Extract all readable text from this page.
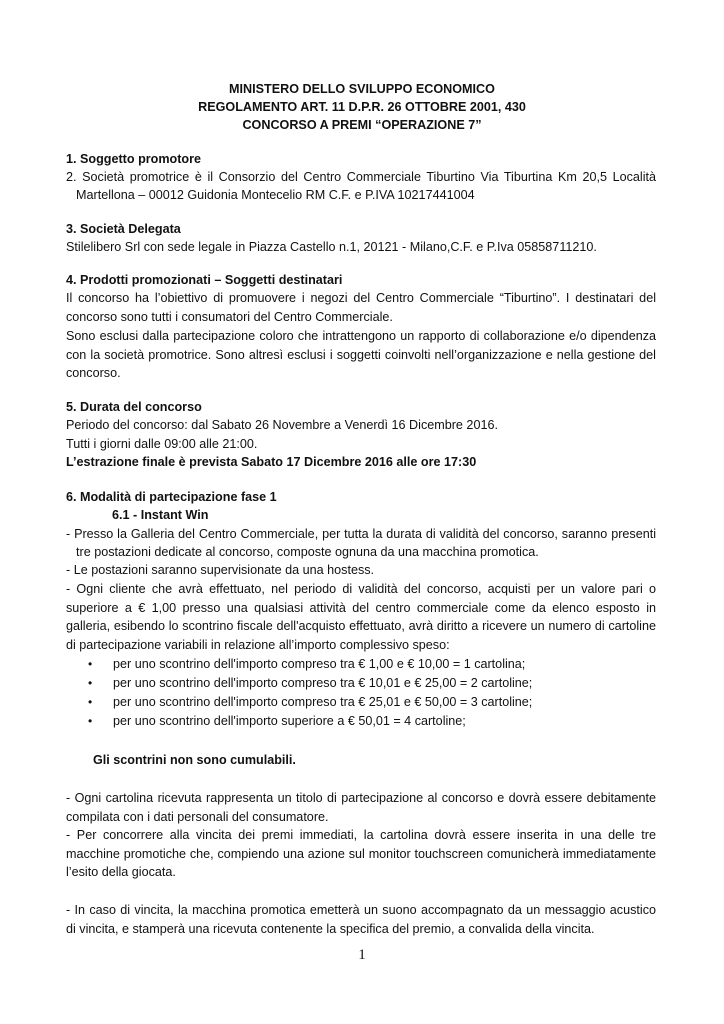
MINISTERO DELLO SVILUPPO ECONOMICO
REGOLAMENTO ART. 11 D.P.R. 26 OTTOBRE 2001, 430
CONCORSO A PREMI “OPERAZIONE 7”
1. Soggetto promotore
2. Società promotrice è il Consorzio del Centro Commerciale Tiburtino Via Tiburtina Km 20,5 Località
Martellona – 00012 Guidonia Montecelio RM C.F. e P.IVA 10217441004
3. Società Delegata
Stilelibero Srl con sede legale in Piazza Castello n.1, 20121 - Milano,C.F. e P.Iva 05858711210.
4. Prodotti promozionati – Soggetti destinatari
Il concorso ha l’obiettivo di promuovere i negozi del Centro Commerciale “Tiburtino”. I destinatari del concorso sono tutti i consumatori del Centro Commerciale.
Sono esclusi dalla partecipazione coloro che intrattengono un rapporto di collaborazione e/o dipendenza con la società promotrice. Sono altresì esclusi i soggetti coinvolti nell’organizzazione e nella gestione del concorso.
5. Durata del concorso
Periodo del concorso: dal Sabato 26 Novembre a Venerdì 16 Dicembre 2016.
Tutti i giorni dalle 09:00 alle 21:00.
L’estrazione finale è prevista Sabato 17 Dicembre 2016 alle ore 17:30
6. Modalità di partecipazione fase 1
6.1 - Instant Win
- Presso la Galleria del Centro Commerciale, per tutta la durata di validità del concorso, saranno presenti
tre postazioni dedicate al concorso, composte ognuna da una macchina promotica.
- Le postazioni saranno supervisionate da una hostess.
- Ogni cliente che avrà effettuato, nel periodo di validità del concorso, acquisti per un valore pari o superiore a € 1,00 presso una qualsiasi attività del centro commerciale come da elenco esposto in galleria, esibendo lo scontrino fiscale dell'acquisto effettuato, avrà diritto a ricevere un numero di cartoline di partecipazione variabili in relazione all’importo complessivo speso:
•	per uno scontrino dell'importo compreso tra € 1,00 e € 10,00 = 1 cartolina;
•	per uno scontrino dell'importo compreso tra € 10,01 e € 25,00 = 2 cartoline;
•	per uno scontrino dell'importo compreso tra € 25,01 e € 50,00 = 3 cartoline;
•	per uno scontrino dell'importo superiore a € 50,01 = 4 cartoline;
Gli scontrini non sono cumulabili.
- Ogni cartolina ricevuta rappresenta un titolo di partecipazione al concorso e dovrà essere debitamente compilata con i dati personali del consumatore.
- Per concorrere alla vincita dei premi immediati, la cartolina dovrà essere inserita in una delle tre macchine promotiche che, compiendo una azione sul monitor touchscreen comunicherà immediatamente l’esito della giocata.
- In caso di vincita, la macchina promotica emetterà un suono accompagnato da un messaggio acustico di vincita, e stamperà una ricevuta contenente la specifica del premio, a convalida della vincita.
1
